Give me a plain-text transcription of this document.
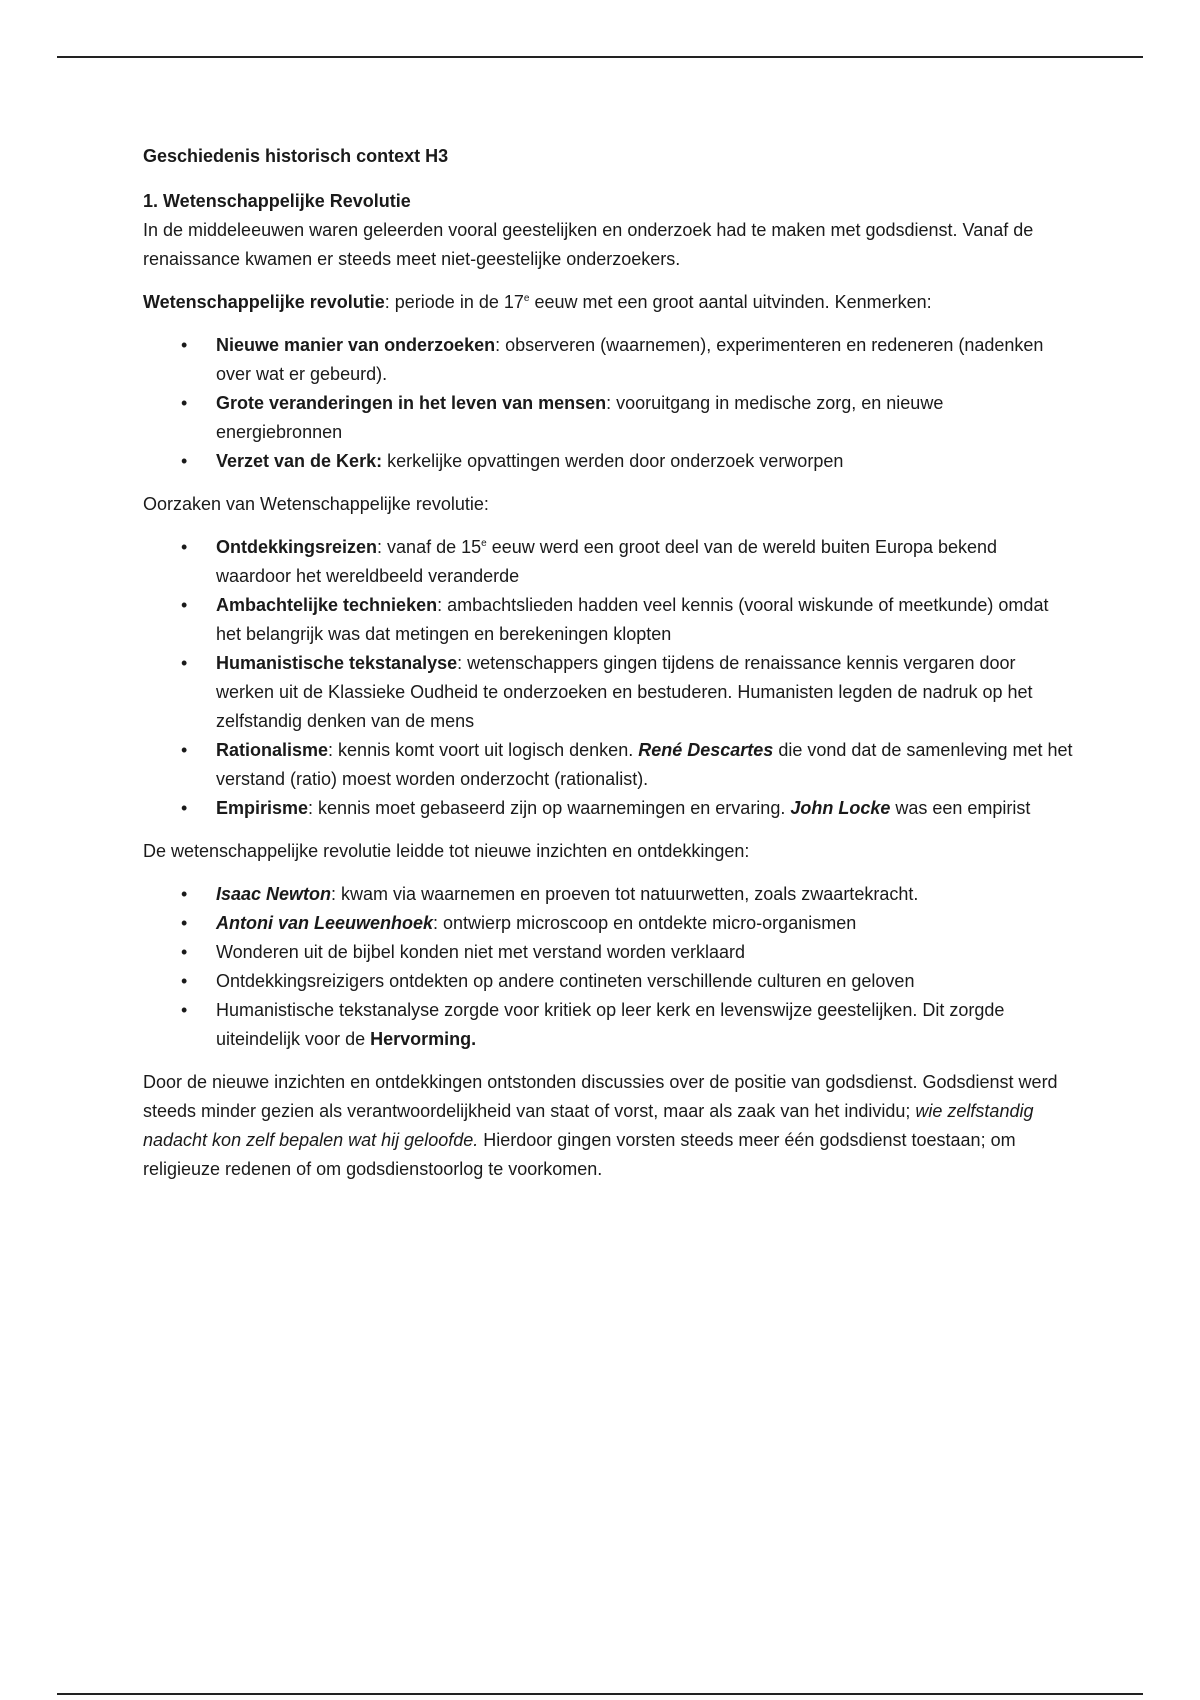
Geschiedenis historisch context H3

1. Wetenschappelijke Revolutie

In de middeleeuwen waren geleerden vooral geestelijken en onderzoek had te maken met godsdienst. Vanaf de renaissance kwamen er steeds meet niet-geestelijke onderzoekers.

Wetenschappelijke revolutie: periode in de 17e eeuw met een groot aantal uitvinden. Kenmerken:

• Nieuwe manier van onderzoeken: observeren (waarnemen), experimenteren en redeneren (nadenken over wat er gebeurd).
• Grote veranderingen in het leven van mensen: vooruitgang in medische zorg, en nieuwe energiebronnen
• Verzet van de Kerk: kerkelijke opvattingen werden door onderzoek verworpen

Oorzaken van Wetenschappelijke revolutie:

• Ontdekkingsreizen: vanaf de 15e eeuw werd een groot deel van de wereld buiten Europa bekend waardoor het wereldbeeld veranderde
• Ambachtelijke technieken: ambachtslieden hadden veel kennis (vooral wiskunde of meetkunde) omdat het belangrijk was dat metingen en berekeningen klopten
• Humanistische tekstanalyse: wetenschappers gingen tijdens de renaissance kennis vergaren door werken uit de Klassieke Oudheid te onderzoeken en bestuderen. Humanisten legden de nadruk op het zelfstandig denken van de mens
• Rationalisme: kennis komt voort uit logisch denken. René Descartes die vond dat de samenleving met het verstand (ratio) moest worden onderzocht (rationalist).
• Empirisme: kennis moet gebaseerd zijn op waarnemingen en ervaring. John Locke was een empirist

De wetenschappelijke revolutie leidde tot nieuwe inzichten en ontdekkingen:

• Isaac Newton: kwam via waarnemen en proeven tot natuurwetten, zoals zwaartekracht.
• Antoni van Leeuwenhoek: ontwierp microscoop en ontdekte micro-organismen
• Wonderen uit de bijbel konden niet met verstand worden verklaard
• Ontdekkingsreizigers ontdekten op andere contineten verschillende culturen en geloven
• Humanistische tekstanalyse zorgde voor kritiek op leer kerk en levenswijze geestelijken. Dit zorgde uiteindelijk voor de Hervorming.

Door de nieuwe inzichten en ontdekkingen ontstonden discussies over de positie van godsdienst. Godsdienst werd steeds minder gezien als verantwoordelijkheid van staat of vorst, maar als zaak van het individu; wie zelfstandig nadacht kon zelf bepalen wat hij geloofde. Hierdoor gingen vorsten steeds meer één godsdienst toestaan; om religieuze redenen of om godsdienstoorlog te voorkomen.
